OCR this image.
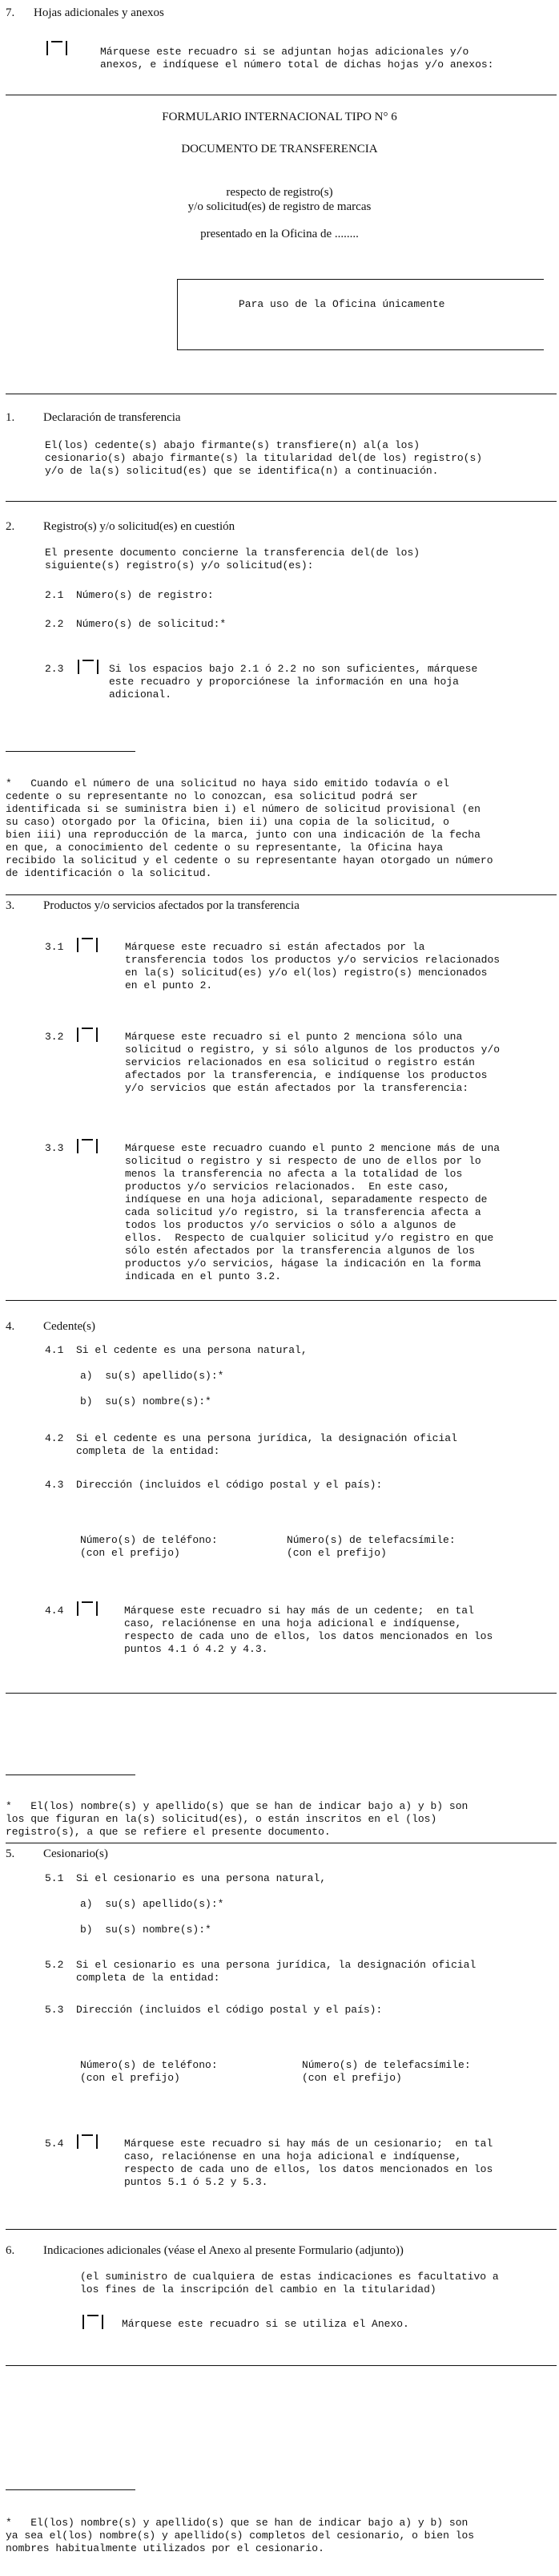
7. Hojas adicionales y anexos
Márquese este recuadro si se adjuntan hojas adicionales y/o
anexos, e indíquese el número total de dichas hojas y/o anexos:
FORMULARIO INTERNACIONAL TIPO N° 6
DOCUMENTO DE TRANSFERENCIA
respecto de registro(s)
y/o solicitud(es) de registro de marcas
presentado en la Oficina de ........
Para uso de la Oficina únicamente
1. Declaración de transferencia
El(los) cedente(s) abajo firmante(s) transfiere(n) al(a los)
cesionario(s) abajo firmante(s) la titularidad del(de los) registro(s)
y/o de la(s) solicitud(es) que se identifica(n) a continuación.
2. Registro(s) y/o solicitud(es) en cuestión
El presente documento concierne la transferencia del(de los)
siguiente(s) registro(s) y/o solicitud(es):
2.1  Número(s) de registro:
2.2  Número(s) de solicitud:*
2.3	Si los espacios bajo 2.1 ó 2.2 no son suficientes, márquese
este recuadro y proporciónese la información en una hoja
adicional.
*   Cuando el número de una solicitud no haya sido emitido todavía o el
cedente o su representante no lo conozcan, esa solicitud podrá ser
identificada si se suministra bien i) el número de solicitud provisional (en
su caso) otorgado por la Oficina, bien ii) una copia de la solicitud, o
bien iii) una reproducción de la marca, junto con una indicación de la fecha
en que, a conocimiento del cedente o su representante, la Oficina haya
recibido la solicitud y el cedente o su representante hayan otorgado un número
de identificación o la solicitud.
3. Productos y/o servicios afectados por la transferencia
3.1	Márquese este recuadro si están afectados por la
transferencia todos los productos y/o servicios relacionados
en la(s) solicitud(es) y/o el(los) registro(s) mencionados
en el punto 2.
3.2	Márquese este recuadro si el punto 2 menciona sólo una
solicitud o registro, y si sólo algunos de los productos y/o
servicios relacionados en esa solicitud o registro están
afectados por la transferencia, e indíquense los productos
y/o servicios que están afectados por la transferencia:
3.3	Márquese este recuadro cuando el punto 2 mencione más de una
solicitud o registro y si respecto de uno de ellos por lo
menos la transferencia no afecta a la totalidad de los
productos y/o servicios relacionados.  En este caso,
indíquese en una hoja adicional, separadamente respecto de
cada solicitud y/o registro, si la transferencia afecta a
todos los productos y/o servicios o sólo a algunos de
ellos.  Respecto de cualquier solicitud y/o registro en que
sólo estén afectados por la transferencia algunos de los
productos y/o servicios, hágase la indicación en la forma
indicada en el punto 3.2.
4. Cedente(s)
4.1  Si el cedente es una persona natural,
a)  su(s) apellido(s):*
b)  su(s) nombre(s):*
4.2  Si el cedente es una persona jurídica, la designación oficial
completa de la entidad:
4.3  Dirección (incluidos el código postal y el país):
Número(s) de teléfono:
(con el prefijo)
Número(s) de telefacsímile:
(con el prefijo)
4.4	Márquese este recuadro si hay más de un cedente;  en tal
caso, relaciónense en una hoja adicional e indíquense,
respecto de cada uno de ellos, los datos mencionados en los
puntos 4.1 ó 4.2 y 4.3.
*   El(los) nombre(s) y apellido(s) que se han de indicar bajo a) y b) son
los que figuran en la(s) solicitud(es), o están inscritos en el (los)
registro(s), a que se refiere el presente documento.
5. Cesionario(s)
5.1  Si el cesionario es una persona natural,
a)  su(s) apellido(s):*
b)  su(s) nombre(s):*
5.2  Si el cesionario es una persona jurídica, la designación oficial
completa de la entidad:
5.3  Dirección (incluidos el código postal y el país):
Número(s) de teléfono:
(con el prefijo)
Número(s) de telefacsímile:
(con el prefijo)
5.4	Márquese este recuadro si hay más de un cesionario;  en tal
caso, relaciónense en una hoja adicional e indíquense,
respecto de cada uno de ellos, los datos mencionados en los
puntos 5.1 ó 5.2 y 5.3.
6. Indicaciones adicionales (véase el Anexo al presente Formulario (adjunto))
(el suministro de cualquiera de estas indicaciones es facultativo a
los fines de la inscripción del cambio en la titularidad)
Márquese este recuadro si se utiliza el Anexo.
*   El(los) nombre(s) y apellido(s) que se han de indicar bajo a) y b) son
ya sea el(los) nombre(s) y apellido(s) completos del cesionario, o bien los
nombres habitualmente utilizados por el cesionario.
